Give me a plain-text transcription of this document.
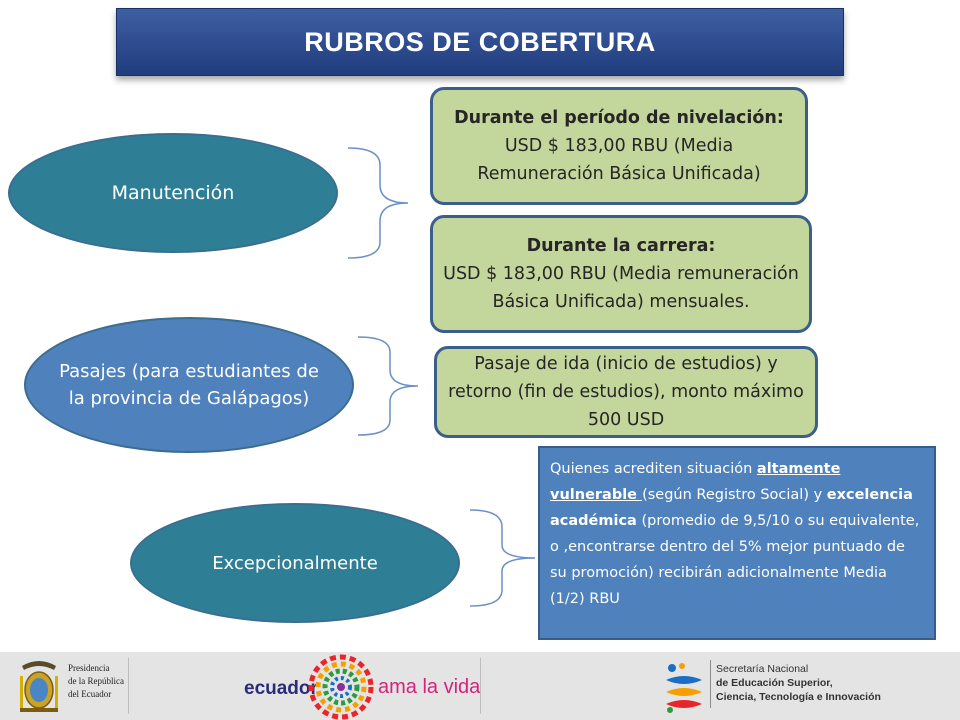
RUBROS DE COBERTURA
Manutención
Pasajes (para estudiantes de la provincia de Galápagos)
Excepcionalmente
Durante el período de nivelación:
USD $ 183,00 RBU (Media Remuneración Básica Unificada)
Durante la carrera:
USD $ 183,00 RBU (Media remuneración Básica Unificada) mensuales.
Pasaje de ida (inicio de estudios) y retorno (fin de estudios), monto máximo 500 USD
Quienes acrediten situación altamente vulnerable (según Registro Social) y excelencia académica (promedio de 9,5/10 o su equivalente, o ,encontrarse dentro del 5% mejor puntuado de su promoción) recibirán adicionalmente Media (1/2) RBU
Presidencia
de la República
del Ecuador	ecuador	ama la vida
Secretaría Nacional
de Educación Superior,
Ciencia, Tecnología e Innovación
